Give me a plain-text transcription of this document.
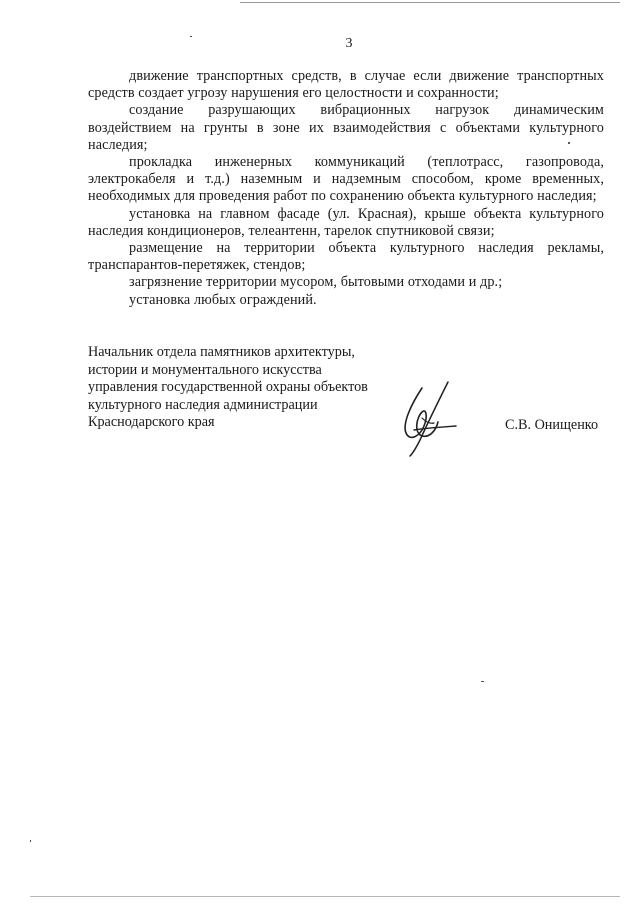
3

движение транспортных средств, в случае если движение транспортных средств создает угрозу нарушения его целостности и сохранности;

создание разрушающих вибрационных нагрузок динамическим воздействием на грунты в зоне их взаимодействия с объектами культурного наследия;

прокладка инженерных коммуникаций (теплотрасс, газопровода, электрокабеля и т.д.) наземным и надземным способом, кроме временных, необходимых для проведения работ по сохранению объекта культурного наследия;

установка на главном фасаде (ул. Красная), крыше объекта культурного наследия кондиционеров, телеантенн, тарелок спутниковой связи;

размещение на территории объекта культурного наследия рекламы, транспарантов-перетяжек, стендов;

загрязнение территории мусором, бытовыми отходами и др.;

установка любых ограждений.

Начальник отдела памятников архитектуры,
истории и монументального искусства
управления государственной охраны объектов
культурного наследия администрации
Краснодарского края	С.В. Онищенко
